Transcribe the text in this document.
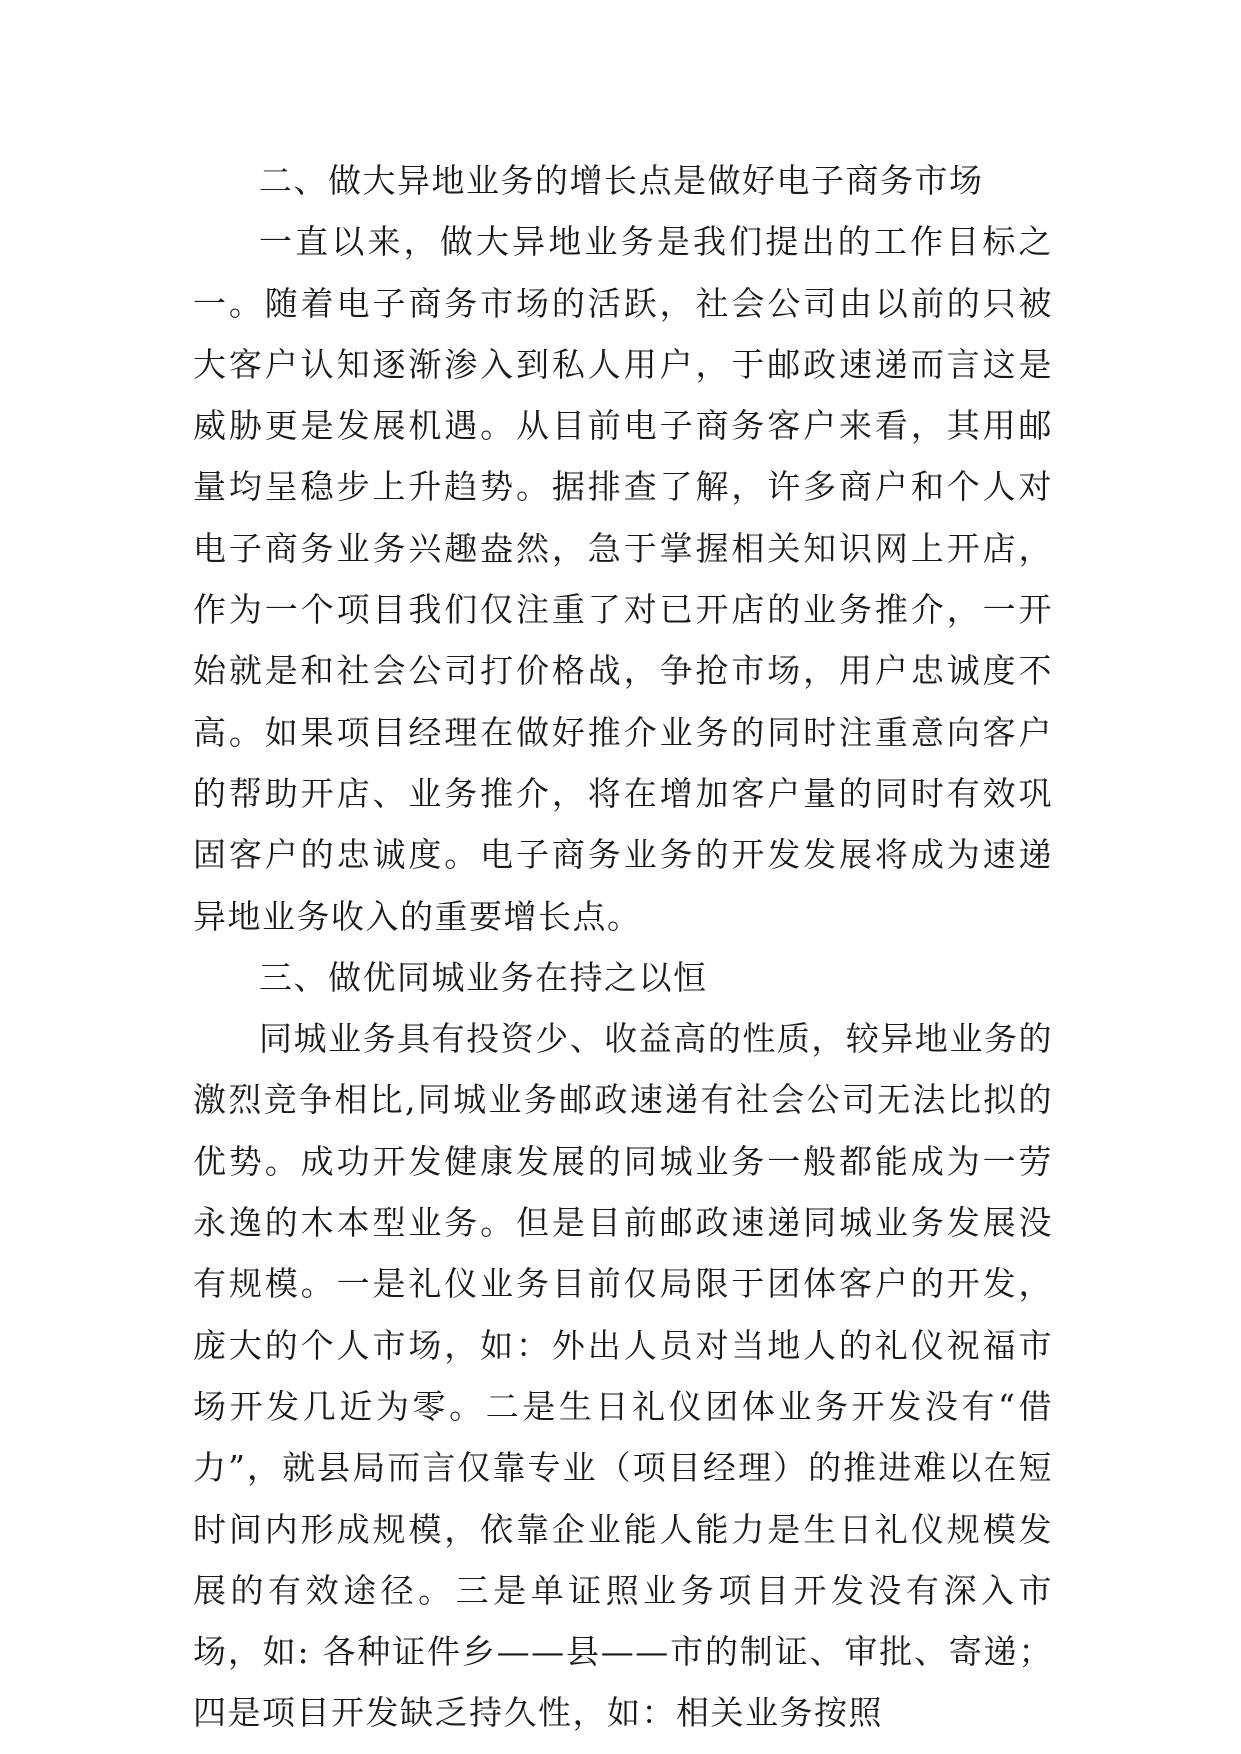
二、做大异地业务的增长点是做好电子商务市场

一直以来，做大异地业务是我们提出的工作目标之一。随着电子商务市场的活跃，社会公司由以前的只被大客户认知逐渐渗入到私人用户，于邮政速递而言这是威胁更是发展机遇。从目前电子商务客户来看，其用邮量均呈稳步上升趋势。据排查了解，许多商户和个人对电子商务业务兴趣盎然，急于掌握相关知识网上开店，作为一个项目我们仅注重了对已开店的业务推介，一开始就是和社会公司打价格战，争抢市场，用户忠诚度不高。如果项目经理在做好推介业务的同时注重意向客户的帮助开店、业务推介，将在增加客户量的同时有效巩固客户的忠诚度。电子商务业务的开发发展将成为速递异地业务收入的重要增长点。

三、做优同城业务在持之以恒

同城业务具有投资少、收益高的性质，较异地业务的激烈竞争相比,同城业务邮政速递有社会公司无法比拟的优势。成功开发健康发展的同城业务一般都能成为一劳永逸的木本型业务。但是目前邮政速递同城业务发展没有规模。一是礼仪业务目前仅局限于团体客户的开发，庞大的个人市场，如：外出人员对当地人的礼仪祝福市场开发几近为零。二是生日礼仪团体业务开发没有“借力”，就县局而言仅靠专业（项目经理）的推进难以在短时间内形成规模，依靠企业能人能力是生日礼仪规模发展的有效途径。三是单证照业务项目开发没有深入市场，如: 各种证件乡——县——市的制证、审批、寄递；四是项目开发缺乏持久性，如：相关业务按照
